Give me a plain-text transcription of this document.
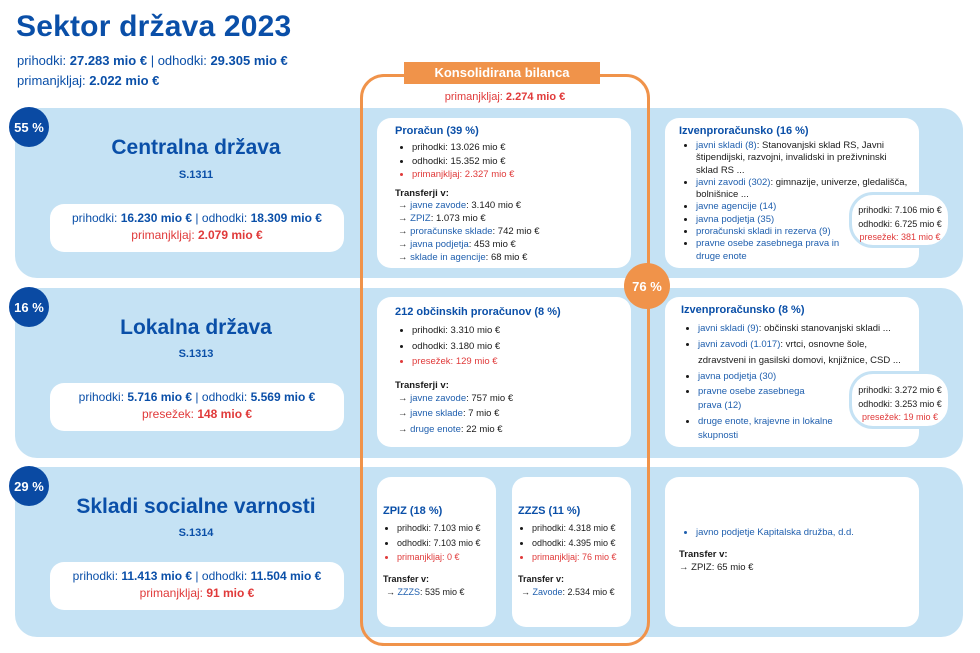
Sektor država 2023
prihodki: 27.283 mio € | odhodki: 29.305 mio €
primanjkljaj: 2.022 mio €
Konsolidirana bilanca
primanjkljaj: 2.274 mio €
55 %
Centralna država
S.1311
prihodki: 16.230 mio € | odhodki: 18.309 mio €
primanjkljaj: 2.079 mio €
Proračun (39 %)
• prihodki: 13.026 mio €
• odhodki: 15.352 mio €
• primanjkljaj: 2.327 mio €
Transferji v:
→ javne zavode: 3.140 mio €
→ ZPIZ: 1.073 mio €
→ proračunske sklade: 742 mio €
→ javna podjetja: 453 mio €
→ sklade in agencije: 68 mio €
Izvenproračunsko (16 %)
• javni skladi (8): Stanovanjski sklad RS, Javni štipendijski, razvojni, invalidski in preživninski sklad RS ...
• javni zavodi (302): gimnazije, univerze, gledališča, bolnišnice ...
• javne agencije (14)
• javna podjetja (35)
• proračunski skladi in rezerva (9)
• pravne osebe zasebnega prava in druge enote
prihodki: 7.106 mio €
odhodki: 6.725 mio €
presežek: 381 mio €
16 %
Lokalna država
S.1313
prihodki: 5.716 mio € | odhodki: 5.569 mio €
presežek: 148 mio €
212 občinskih proračunov (8 %)
• prihodki: 3.310 mio €
• odhodki: 3.180 mio €
• presežek: 129 mio €
Transferji v:
→ javne zavode: 757 mio €
→ javne sklade: 7 mio €
→ druge enote: 22 mio €
Izvenproračunsko (8 %)
• javni skladi (9): občinski stanovanjski skladi ...
• javni zavodi (1.017): vrtci, osnovne šole, zdravstveni in gasilski domovi, knjižnice, CSD ...
• javna podjetja (30)
• pravne osebe zasebnega prava (12)
• druge enote, krajevne in lokalne skupnosti
prihodki: 3.272 mio €
odhodki: 3.253 mio €
presežek: 19 mio €
29 %
Skladi socialne varnosti
S.1314
prihodki: 11.413 mio € | odhodki: 11.504 mio €
primanjkljaj: 91 mio €
ZPIZ (18 %)
• prihodki: 7.103 mio €
• odhodki: 7.103 mio €
• primanjkljaj: 0 €
Transfer v:
→ ZZZS: 535 mio €
ZZZS (11 %)
• prihodki: 4.318 mio €
• odhodki: 4.395 mio €
• primanjkljaj: 76 mio €
Transfer v:
→ Zavode: 2.534 mio €
• javno podjetje Kapitalska družba, d.d.
Transfer v:
→ ZPIZ: 65 mio €
76 %
